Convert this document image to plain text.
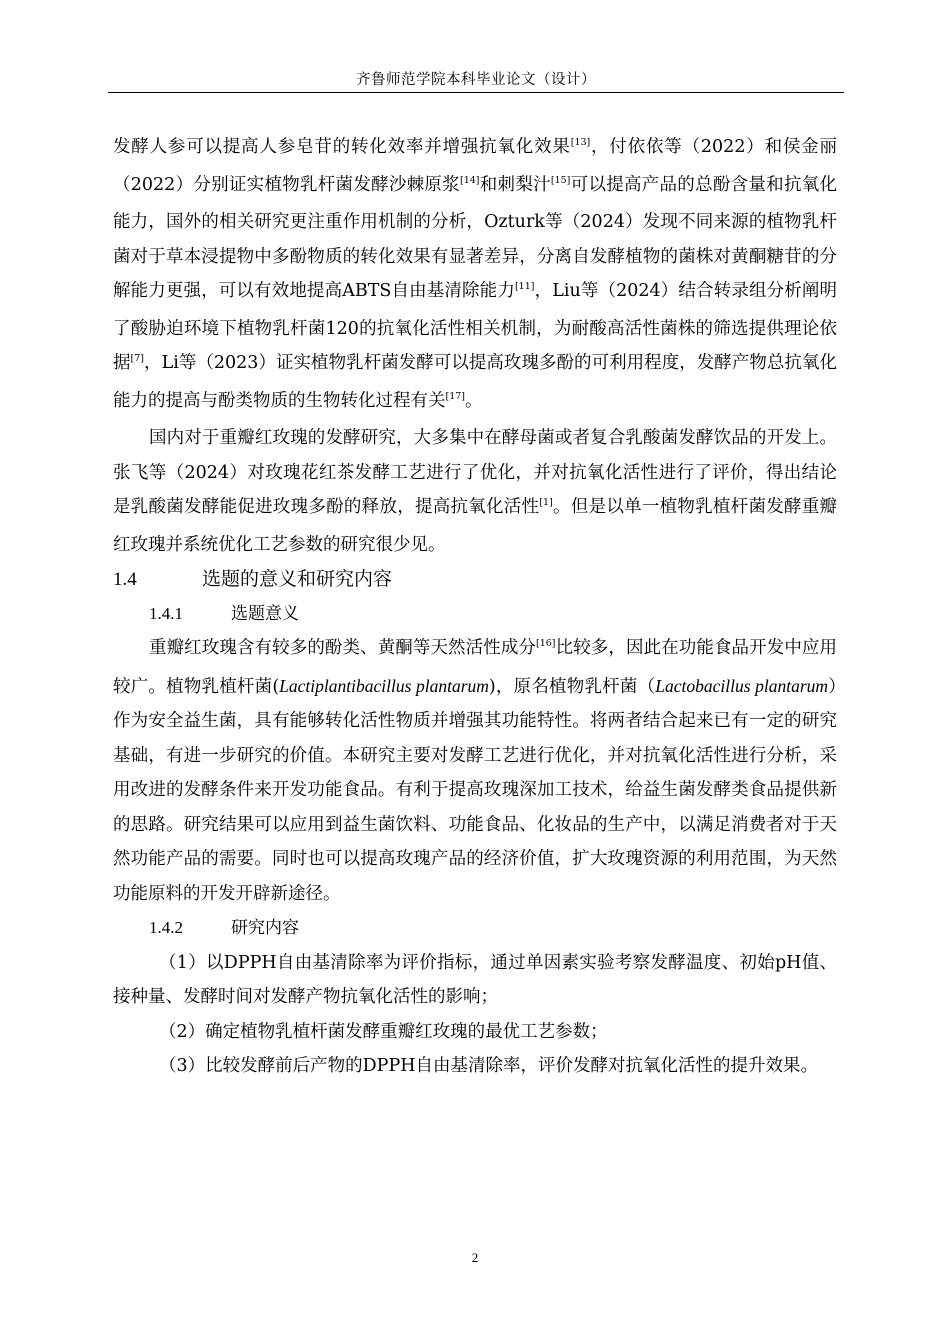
齐鲁师范学院本科毕业论文（设计）

发酵人参可以提高人参皂苷的转化效率并增强抗氧化效果[13]，付依依等（2022）和侯金丽（2022）分别证实植物乳杆菌发酵沙棘原浆[14]和刺梨汁[15]可以提高产品的总酚含量和抗氧化能力，国外的相关研究更注重作用机制的分析，Ozturk等（2024）发现不同来源的植物乳杆菌对于草本浸提物中多酚物质的转化效果有显著差异，分离自发酵植物的菌株对黄酮糖苷的分解能力更强，可以有效地提高ABTS自由基清除能力[11]，Liu等（2024）结合转录组分析阐明了酸胁迫环境下植物乳杆菌120的抗氧化活性相关机制，为耐酸高活性菌株的筛选提供理论依据[7]，Li等（2023）证实植物乳杆菌发酵可以提高玫瑰多酚的可利用程度，发酵产物总抗氧化能力的提高与酚类物质的生物转化过程有关[17]。

国内对于重瓣红玫瑰的发酵研究，大多集中在酵母菌或者复合乳酸菌发酵饮品的开发上。张飞等（2024）对玫瑰花红茶发酵工艺进行了优化，并对抗氧化活性进行了评价，得出结论是乳酸菌发酵能促进玫瑰多酚的释放，提高抗氧化活性[1]。但是以单一植物乳植杆菌发酵重瓣红玫瑰并系统优化工艺参数的研究很少见。

1.4	选题的意义和研究内容

1.4.1	选题意义

重瓣红玫瑰含有较多的酚类、黄酮等天然活性成分[16]比较多，因此在功能食品开发中应用较广。植物乳植杆菌(Lactiplantibacillus plantarum)，原名植物乳杆菌（Lactobacillus plantarum）作为安全益生菌，具有能够转化活性物质并增强其功能特性。将两者结合起来已有一定的研究基础，有进一步研究的价值。本研究主要对发酵工艺进行优化，并对抗氧化活性进行分析，采用改进的发酵条件来开发功能食品。有利于提高玫瑰深加工技术，给益生菌发酵类食品提供新的思路。研究结果可以应用到益生菌饮料、功能食品、化妆品的生产中，以满足消费者对于天然功能产品的需要。同时也可以提高玫瑰产品的经济价值，扩大玫瑰资源的利用范围，为天然功能原料的开发开辟新途径。

1.4.2	研究内容

（1）以DPPH自由基清除率为评价指标，通过单因素实验考察发酵温度、初始pH值、接种量、发酵时间对发酵产物抗氧化活性的影响；

（2）确定植物乳植杆菌发酵重瓣红玫瑰的最优工艺参数；

（3）比较发酵前后产物的DPPH自由基清除率，评价发酵对抗氧化活性的提升效果。

2
